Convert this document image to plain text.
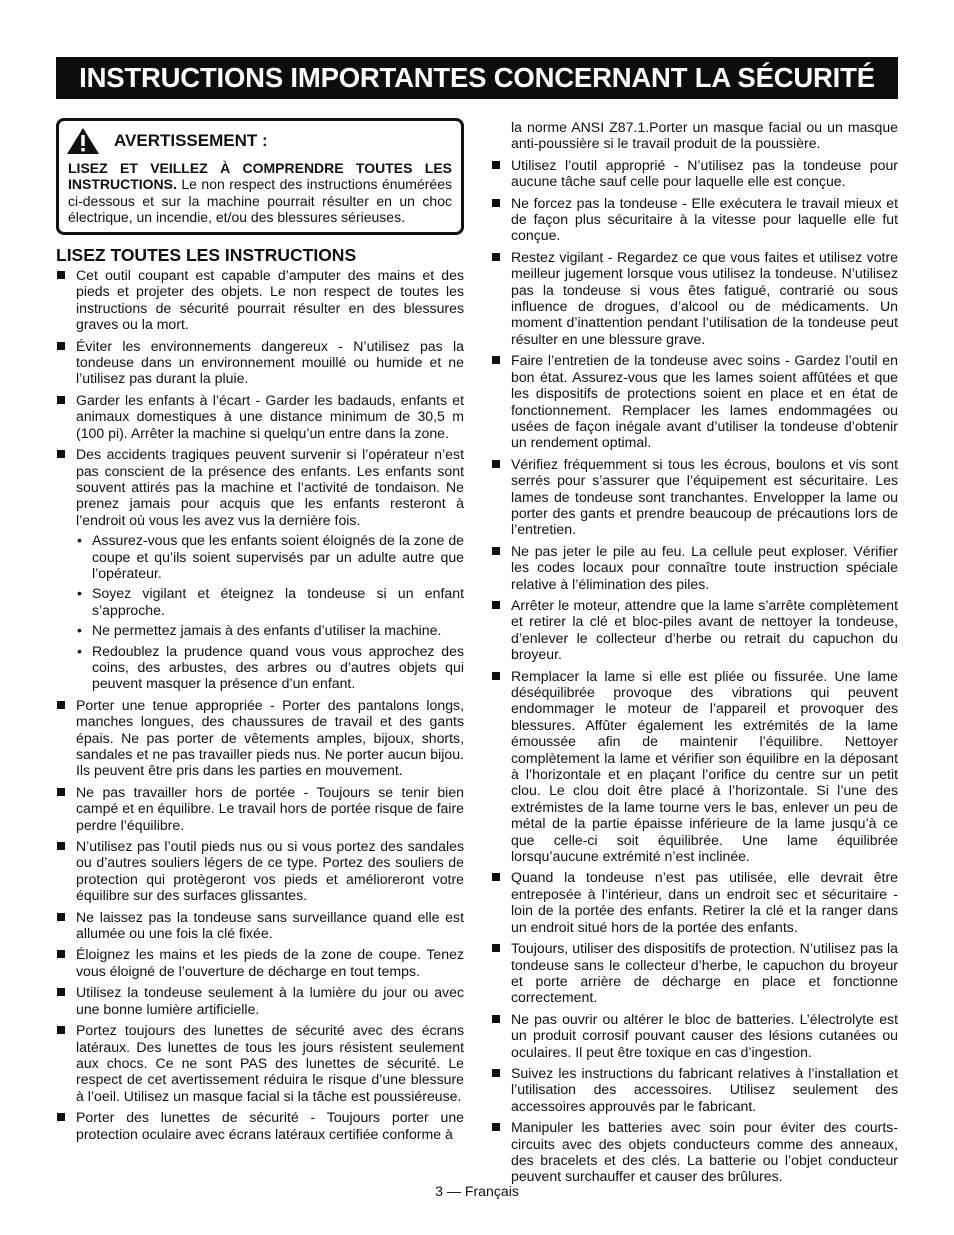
INSTRUCTIONS IMPORTANTES CONCERNANT LA SÉCURITÉ
AVERTISSEMENT :
LISEZ ET VEILLEZ À COMPRENDRE TOUTES LES INSTRUCTIONS. Le non respect des instructions énumérées ci-dessous et sur la machine pourrait résulter en un choc électrique, un incendie, et/ou des blessures sérieuses.
LISEZ TOUTES LES INSTRUCTIONS
Cet outil coupant est capable d’amputer des mains et des pieds et projeter des objets. Le non respect de toutes les instructions de sécurité pourrait résulter en des blessures graves ou la mort.
Éviter les environnements dangereux - N’utilisez pas la tondeuse dans un environnement mouillé ou humide et ne l’utilisez pas durant la pluie.
Garder les enfants à l’écart - Garder les badauds, enfants et animaux domestiques à une distance minimum de 30,5 m (100 pi). Arrêter la machine si quelqu’un entre dans la zone.
Des accidents tragiques peuvent survenir si l’opérateur n’est pas conscient de la présence des enfants. Les enfants sont souvent attirés pas la machine et l’activité de tondaison. Ne prenez jamais pour acquis que les enfants resteront à l’endroit où vous les avez vus la dernière fois.
• Assurez-vous que les enfants soient éloignés de la zone de coupe et qu’ils soient supervisés par un adulte autre que l’opérateur.
• Soyez vigilant et éteignez la tondeuse si un enfant s’approche.
• Ne permettez jamais à des enfants d’utiliser la machine.
• Redoublez la prudence quand vous vous approchez des coins, des arbustes, des arbres ou d’autres objets qui peuvent masquer la présence d’un enfant.
Porter une tenue appropriée - Porter des pantalons longs, manches longues, des chaussures de travail et des gants épais. Ne pas porter de vêtements amples, bijoux, shorts, sandales et ne pas travailler pieds nus. Ne porter aucun bijou. Ils peuvent être pris dans les parties en mouvement.
Ne pas travailler hors de portée - Toujours se tenir bien campé et en équilibre. Le travail hors de portée risque de faire perdre l’équilibre.
N’utilisez pas l’outil pieds nus ou si vous portez des sandales ou d’autres souliers légers de ce type. Portez des souliers de protection qui protègeront vos pieds et amélioreront votre équilibre sur des surfaces glissantes.
Ne laissez pas la tondeuse sans surveillance quand elle est allumée ou une fois la clé fixée.
Éloignez les mains et les pieds de la zone de coupe. Tenez vous éloigné de l’ouverture de décharge en tout temps.
Utilisez la tondeuse seulement à la lumière du jour ou avec une bonne lumière artificielle.
Portez toujours des lunettes de sécurité avec des écrans latéraux. Des lunettes de tous les jours résistent seulement aux chocs. Ce ne sont PAS des lunettes de sécurité. Le respect de cet avertissement réduira le risque d’une blessure à l’oeil. Utilisez un masque facial si la tâche est poussiéreuse.
Porter des lunettes de sécurité - Toujours porter une protection oculaire avec écrans latéraux certifiée conforme à
la norme ANSI Z87.1.Porter un masque facial ou un masque anti-poussière si le travail produit de la poussière.
Utilisez l’outil approprié - N’utilisez pas la tondeuse pour aucune tâche sauf celle pour laquelle elle est conçue.
Ne forcez pas la tondeuse - Elle exécutera le travail mieux et de façon plus sécuritaire à la vitesse pour laquelle elle fut conçue.
Restez vigilant - Regardez ce que vous faites et utilisez votre meilleur jugement lorsque vous utilisez la tondeuse. N’utilisez pas la tondeuse si vous êtes fatigué, contrarié ou sous influence de drogues, d’alcool ou de médicaments. Un moment d’inattention pendant l’utilisation de la tondeuse peut résulter en une blessure grave.
Faire l’entretien de la tondeuse avec soins - Gardez l’outil en bon état. Assurez-vous que les lames soient affûtées et que les dispositifs de protections soient en place et en état de fonctionnement. Remplacer les lames endommagées ou usées de façon inégale avant d’utiliser la tondeuse d’obtenir un rendement optimal.
Vérifiez fréquemment si tous les écrous, boulons et vis sont serrés pour s’assurer que l’équipement est sécuritaire. Les lames de tondeuse sont tranchantes. Envelopper la lame ou porter des gants et prendre beaucoup de précautions lors de l’entretien.
Ne pas jeter le pile au feu. La cellule peut exploser. Vérifier les codes locaux pour connaître toute instruction spéciale relative à l’élimination des piles.
Arrêter le moteur, attendre que la lame s’arrête complètement et retirer la clé et bloc-piles avant de nettoyer la tondeuse, d’enlever le collecteur d’herbe ou retrait du capuchon du broyeur.
Remplacer la lame si elle est pliée ou fissurée. Une lame déséquilibrée provoque des vibrations qui peuvent endommager le moteur de l’appareil et provoquer des blessures. Affûter également les extrémités de la lame émoussée afin de maintenir l’équilibre. Nettoyer complètement la lame et vérifier son équilibre en la déposant à l’horizontale et en plaçant l’orifice du centre sur un petit clou. Le clou doit être placé à l’horizontale. Si l’une des extrémistes de la lame tourne vers le bas, enlever un peu de métal de la partie épaisse inférieure de la lame jusqu’à ce que celle-ci soit équilibrée. Une lame équilibrée lorsqu’aucune extrémité n’est inclinée.
Quand la tondeuse n’est pas utilisée, elle devrait être entreposée à l’intérieur, dans un endroit sec et sécuritaire - loin de la portée des enfants. Retirer la clé et la ranger dans un endroit situé hors de la portée des enfants.
Toujours, utiliser des dispositifs de protection. N’utilisez pas la tondeuse sans le collecteur d’herbe, le capuchon du broyeur et porte arrière de décharge en place et fonctionne correctement.
Ne pas ouvrir ou altérer le bloc de batteries. L’électrolyte est un produit corrosif pouvant causer des lésions cutanées ou oculaires. Il peut être toxique en cas d’ingestion.
Suivez les instructions du fabricant relatives à l’installation et l’utilisation des accessoires. Utilisez seulement des accessoires approuvés par le fabricant.
Manipuler les batteries avec soin pour éviter des courts-circuits avec des objets conducteurs comme des anneaux, des bracelets et des clés. La batterie ou l’objet conducteur peuvent surchauffer et causer des brûlures.
3 — Français
